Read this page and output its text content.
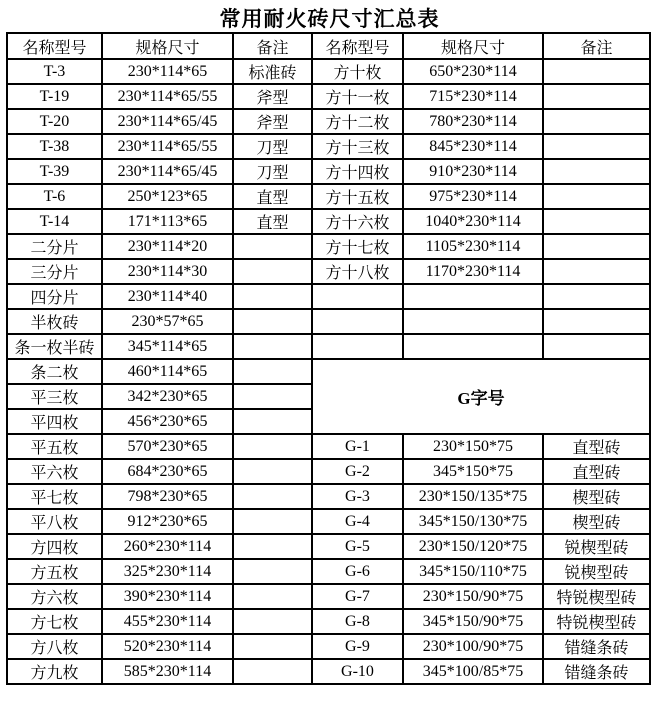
常用耐火砖尺寸汇总表
名称型号	规格尺寸	备注	名称型号	规格尺寸	备注
T-3	230*114*65	标准砖	方十枚	650*230*114	
T-19	230*114*65/55	斧型	方十一枚	715*230*114	
T-20	230*114*65/45	斧型	方十二枚	780*230*114	
T-38	230*114*65/55	刀型	方十三枚	845*230*114	
T-39	230*114*65/45	刀型	方十四枚	910*230*114	
T-6	250*123*65	直型	方十五枚	975*230*114	
T-14	171*113*65	直型	方十六枚	1040*230*114	
二分片	230*114*20		方十七枚	1105*230*114	
三分片	230*114*30		方十八枚	1170*230*114	
四分片	230*114*40				
半枚砖	230*57*65				
条一枚半砖	345*114*65				
条二枚	460*114*65		G字号		
平三枚	342*230*65				
平四枚	456*230*65				
平五枚	570*230*65		G-1	230*150*75	直型砖
平六枚	684*230*65		G-2	345*150*75	直型砖
平七枚	798*230*65		G-3	230*150/135*75	楔型砖
平八枚	912*230*65		G-4	345*150/130*75	楔型砖
方四枚	260*230*114		G-5	230*150/120*75	锐楔型砖
方五枚	325*230*114		G-6	345*150/110*75	锐楔型砖
方六枚	390*230*114		G-7	230*150/90*75	特锐楔型砖
方七枚	455*230*114		G-8	345*150/90*75	特锐楔型砖
方八枚	520*230*114		G-9	230*100/90*75	错缝条砖
方九枚	585*230*114		G-10	345*100/85*75	错缝条砖
